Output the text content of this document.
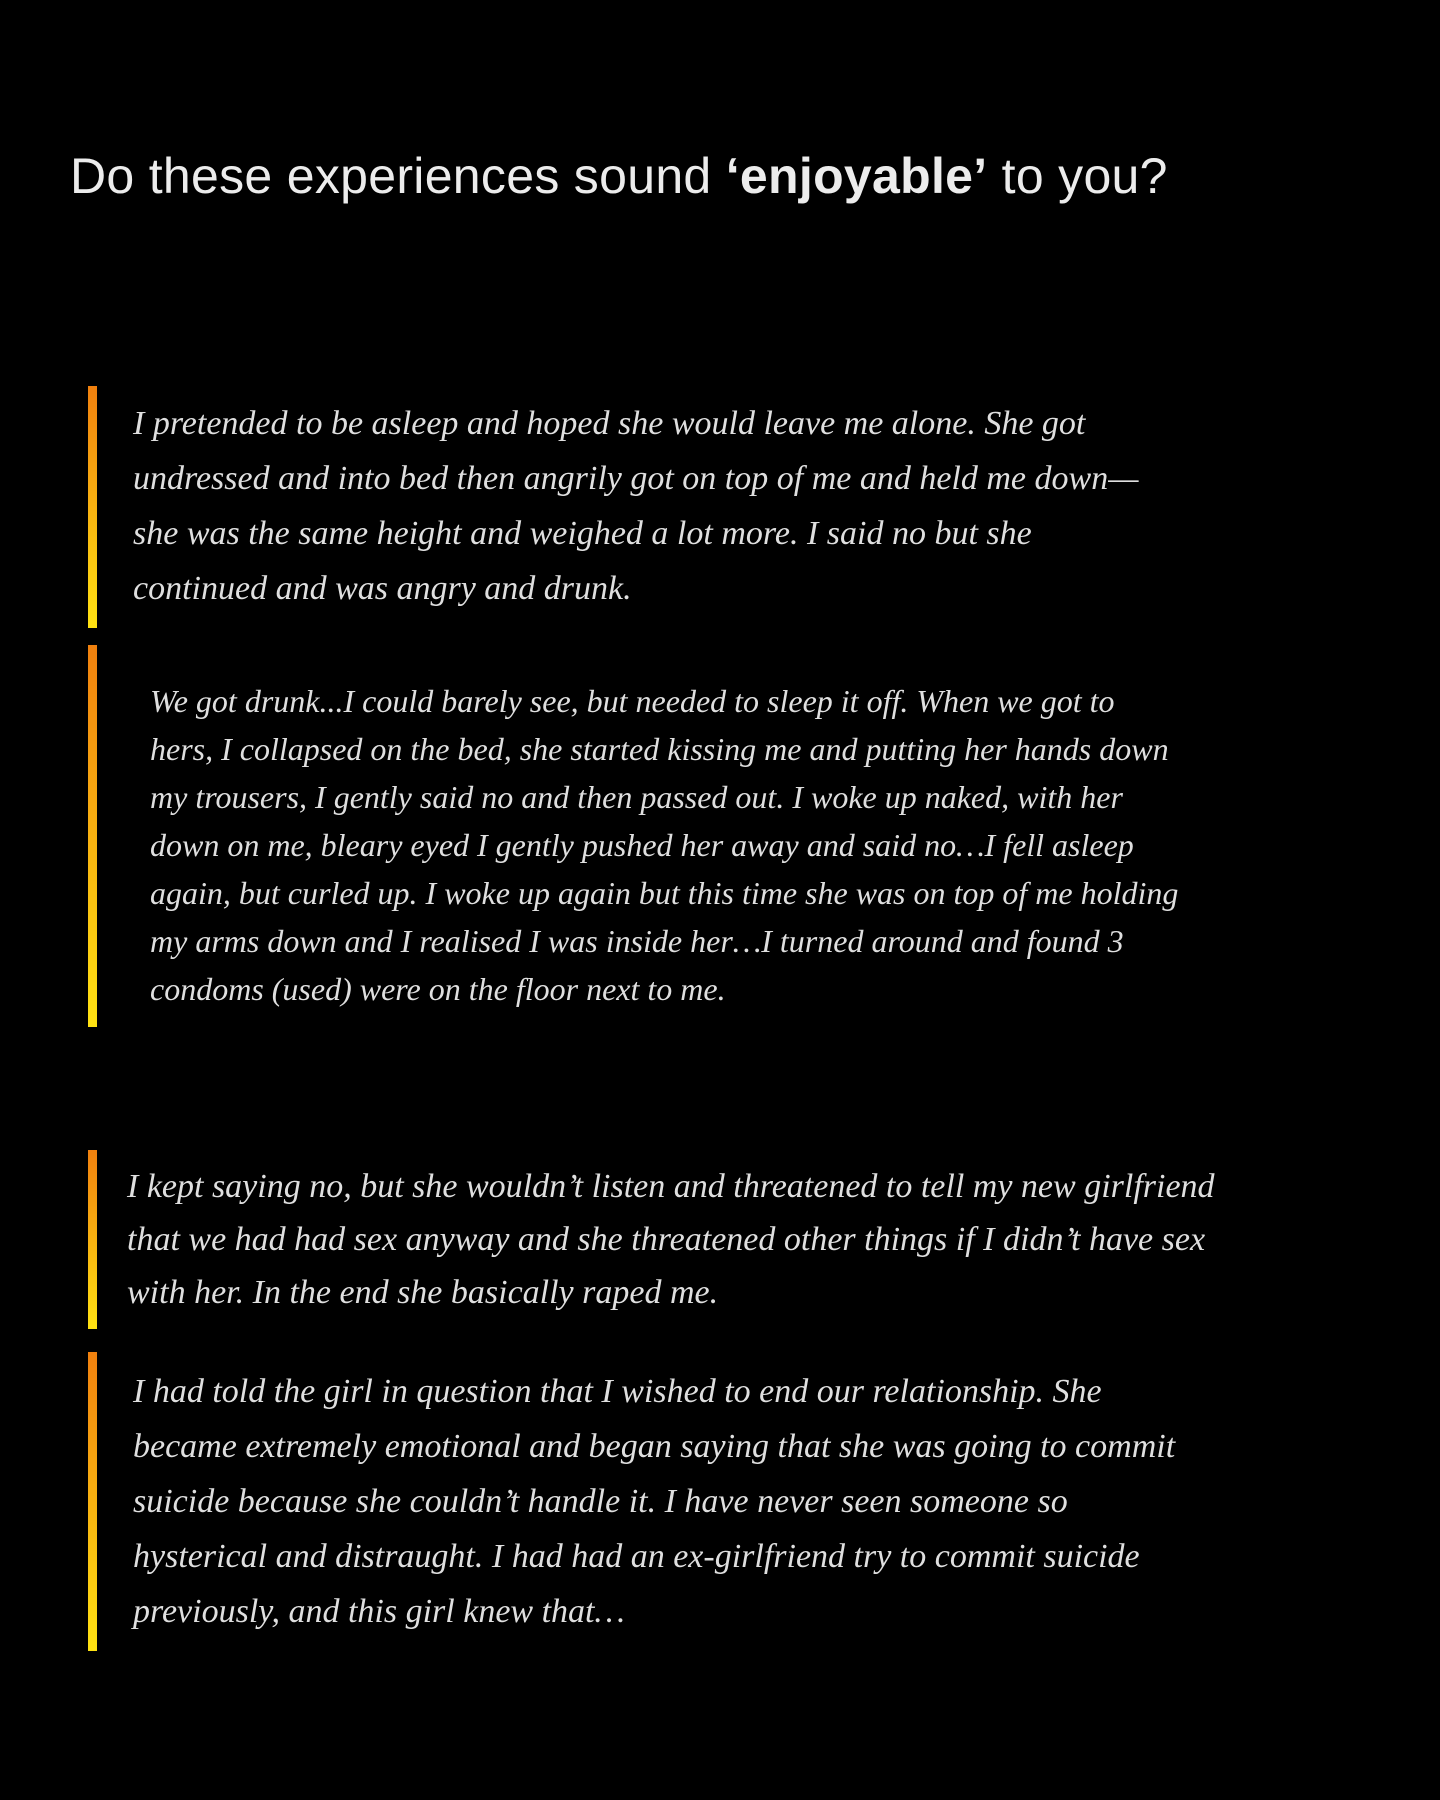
Do these experiences sound ‘enjoyable’ to you?
I pretended to be asleep and hoped she would leave me alone. She got undressed and into bed then angrily got on top of me and held me down—she was the same height and weighed a lot more. I said no but she continued and was angry and drunk.
We got drunk...I could barely see, but needed to sleep it off. When we got to hers, I collapsed on the bed, she started kissing me and putting her hands down my trousers, I gently said no and then passed out. I woke up naked, with her down on me, bleary eyed I gently pushed her away and said no…I fell asleep again, but curled up. I woke up again but this time she was on top of me holding my arms down and I realised I was inside her…I turned around and found 3 condoms (used) were on the floor next to me.
I kept saying no, but she wouldn’t listen and threatened to tell my new girlfriend that we had had sex anyway and she threatened other things if I didn’t have sex with her. In the end she basically raped me.
I had told the girl in question that I wished to end our relationship. She became extremely emotional and began saying that she was going to commit suicide because she couldn’t handle it. I have never seen someone so hysterical and distraught. I had had an ex-girlfriend try to commit suicide previously, and this girl knew that…
